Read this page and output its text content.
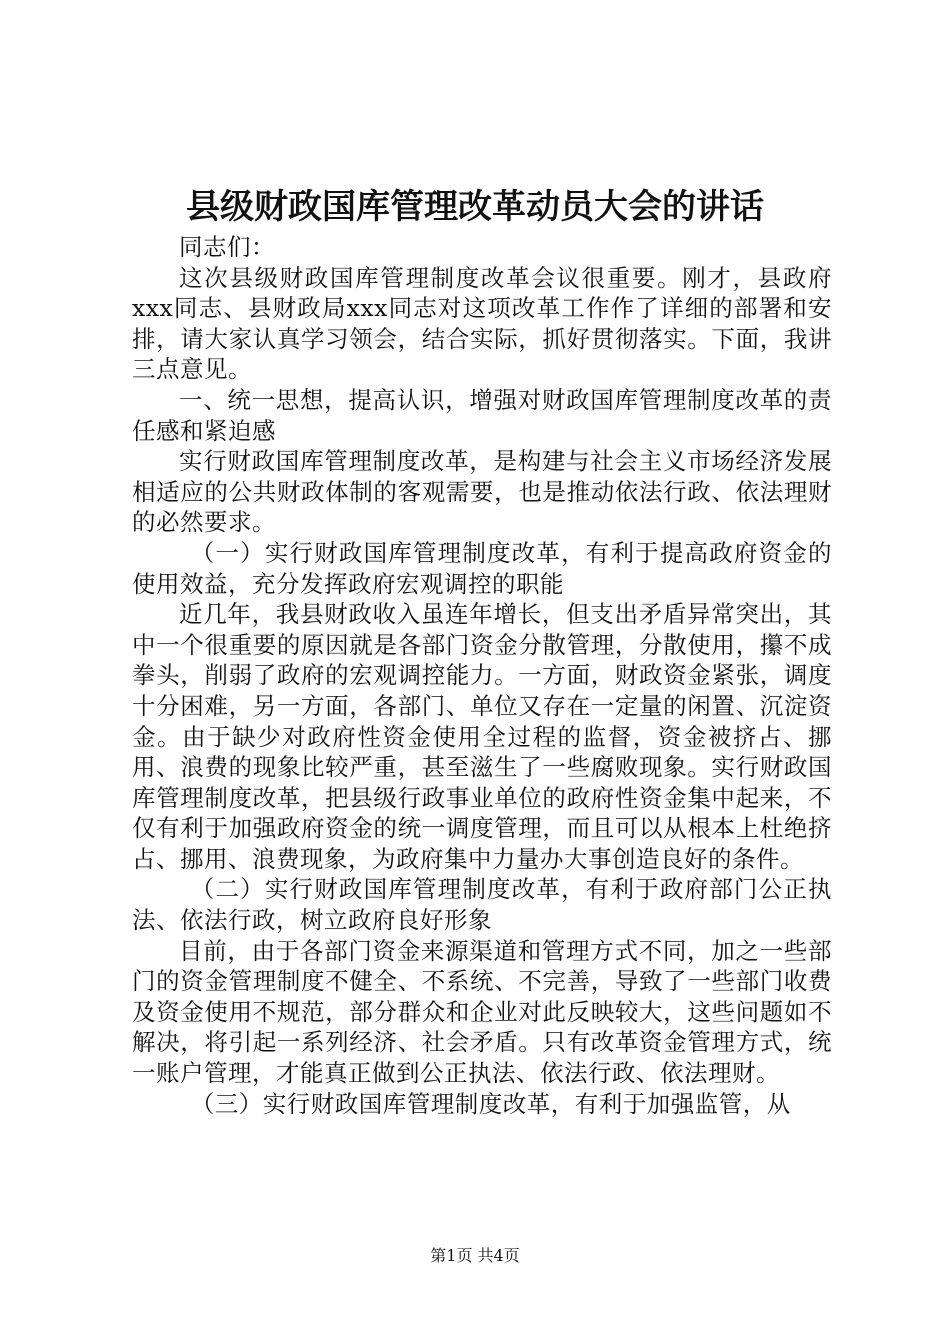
县级财政国库管理改革动员大会的讲话

同志们：

这次县级财政国库管理制度改革会议很重要。刚才，县政府xxx同志、县财政局xxx同志对这项改革工作作了详细的部署和安排，请大家认真学习领会，结合实际，抓好贯彻落实。下面，我讲三点意见。

一、统一思想，提高认识，增强对财政国库管理制度改革的责任感和紧迫感

实行财政国库管理制度改革，是构建与社会主义市场经济发展相适应的公共财政体制的客观需要，也是推动依法行政、依法理财的必然要求。

（一）实行财政国库管理制度改革，有利于提高政府资金的使用效益，充分发挥政府宏观调控的职能

近几年，我县财政收入虽连年增长，但支出矛盾异常突出，其中一个很重要的原因就是各部门资金分散管理，分散使用，攥不成拳头，削弱了政府的宏观调控能力。一方面，财政资金紧张，调度十分困难，另一方面，各部门、单位又存在一定量的闲置、沉淀资金。由于缺少对政府性资金使用全过程的监督，资金被挤占、挪用、浪费的现象比较严重，甚至滋生了一些腐败现象。实行财政国库管理制度改革，把县级行政事业单位的政府性资金集中起来，不仅有利于加强政府资金的统一调度管理，而且可以从根本上杜绝挤占、挪用、浪费现象，为政府集中力量办大事创造良好的条件。

（二）实行财政国库管理制度改革，有利于政府部门公正执法、依法行政，树立政府良好形象

目前，由于各部门资金来源渠道和管理方式不同，加之一些部门的资金管理制度不健全、不系统、不完善，导致了一些部门收费及资金使用不规范，部分群众和企业对此反映较大，这些问题如不解决，将引起一系列经济、社会矛盾。只有改革资金管理方式，统一账户管理，才能真正做到公正执法、依法行政、依法理财。

（三）实行财政国库管理制度改革，有利于加强监管，从

第1页 共4页
